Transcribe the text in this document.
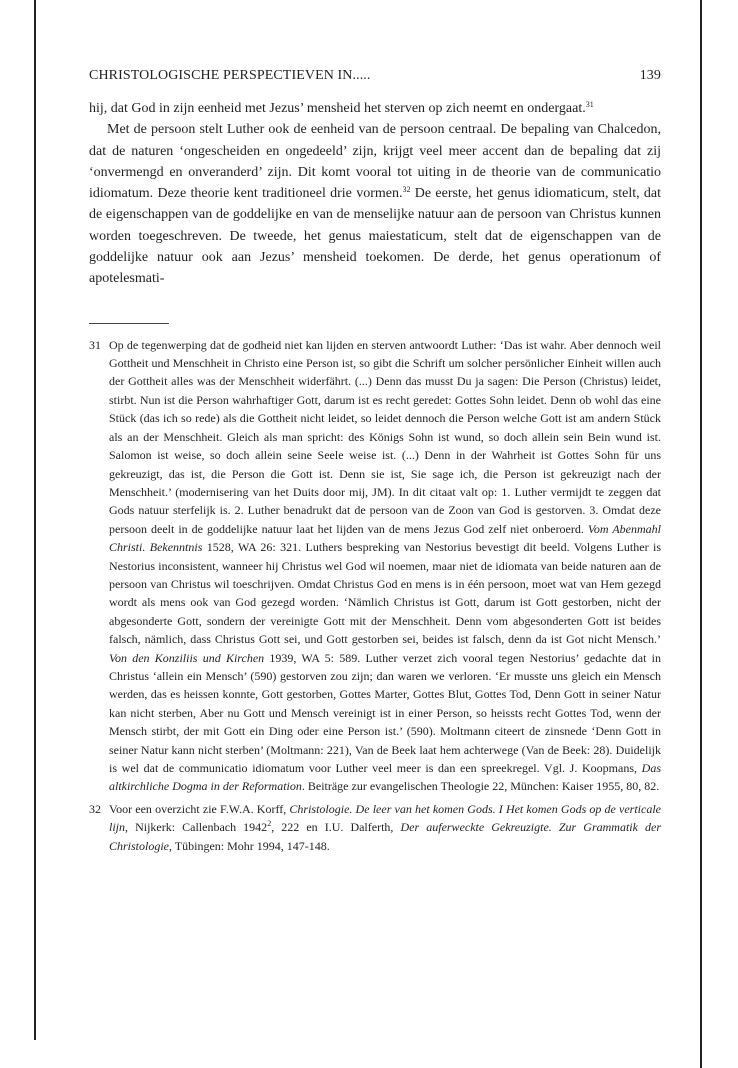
CHRISTOLOGISCHE PERSPECTIEVEN IN.....	139

hij, dat God in zijn eenheid met Jezus’ mensheid het sterven op zich neemt en ondergaat.$^{31}$

Met de persoon stelt Luther ook de eenheid van de persoon centraal. De bepaling van Chalcedon, dat de naturen ‘ongescheiden en ongedeeld’ zijn, krijgt veel meer accent dan de bepaling dat zij ‘onvermengd en onveranderd’ zijn. Dit komt vooral tot uiting in de theorie van de communicatio idiomatum. Deze theorie kent traditioneel drie vormen.$^{32}$ De eerste, het genus idiomaticum, stelt, dat de eigenschappen van de goddelijke en van de menselijke natuur aan de persoon van Christus kunnen worden toegeschreven. De tweede, het genus maiestaticum, stelt dat de eigenschappen van de goddelijke natuur ook aan Jezus’ mensheid toekomen. De derde, het genus operationum of apotelesmati-

31 Op de tegenwerping dat de godheid niet kan lijden en sterven antwoordt Luther: ‘Das ist wahr. Aber dennoch weil Gottheit und Menschheit in Christo eine Person ist, so gibt die Schrift um solcher persönlicher Einheit willen auch der Gottheit alles was der Menschheit widerfährt. (...) Denn das musst Du ja sagen: Die Person (Christus) leidet, stirbt. Nun ist die Person wahrhaftiger Gott, darum ist es recht geredet: Gottes Sohn leidet. Denn ob wohl das eine Stück (das ich so rede) als die Gottheit nicht leidet, so leidet dennoch die Person welche Gott ist am andern Stück als an der Menschheit. Gleich als man spricht: des Königs Sohn ist wund, so doch allein sein Bein wund ist. Salomon ist weise, so doch allein seine Seele weise ist. (...) Denn in der Wahrheit ist Gottes Sohn für uns gekreuzigt, das ist, die Person die Gott ist. Denn sie ist, Sie sage ich, die Person ist gekreuzigt nach der Menschheit.’ (modernisering van het Duits door mij, JM). In dit citaat valt op: 1. Luther vermijdt te zeggen dat Gods natuur sterfelijk is. 2. Luther benadrukt dat de persoon van de Zoon van God is gestorven. 3. Omdat deze persoon deelt in de goddelijke natuur laat het lijden van de mens Jezus God zelf niet onberoerd. Vom Abenmahl Christi. Bekenntnis 1528, WA 26: 321. Luthers bespreking van Nestorius bevestigt dit beeld. Volgens Luther is Nestorius inconsistent, wanneer hij Christus wel God wil noemen, maar niet de idiomata van beide naturen aan de persoon van Christus wil toeschrijven. Omdat Christus God en mens is in één persoon, moet wat van Hem gezegd wordt als mens ook van God gezegd worden. ‘Nämlich Christus ist Gott, darum ist Gott gestorben, nicht der abgesonderte Gott, sondern der vereinigte Gott mit der Menschheit. Denn vom abgesonderten Gott ist beides falsch, nämlich, dass Christus Gott sei, und Gott gestorben sei, beides ist falsch, denn da ist Got nicht Mensch.’ Von den Konziliis und Kirchen 1939, WA 5: 589. Luther verzet zich vooral tegen Nestorius’ gedachte dat in Christus ‘allein ein Mensch’ (590) gestorven zou zijn; dan waren we verloren. ‘Er musste uns gleich ein Mensch werden, das es heissen konnte, Gott gestorben, Gottes Marter, Gottes Blut, Gottes Tod, Denn Gott in seiner Natur kan nicht sterben, Aber nu Gott und Mensch vereinigt ist in einer Person, so heissts recht Gottes Tod, wenn der Mensch stirbt, der mit Gott ein Ding oder eine Person ist.’ (590). Moltmann citeert de zinsnede ‘Denn Gott in seiner Natur kann nicht sterben’ (Moltmann: 221), Van de Beek laat hem achterwege (Van de Beek: 28). Duidelijk is wel dat de communicatio idiomatum voor Luther veel meer is dan een spreekregel. Vgl. J. Koopmans, Das altkirchliche Dogma in der Reformation. Beiträge zur evangelischen Theologie 22, München: Kaiser 1955, 80, 82.

32 Voor een overzicht zie F.W.A. Korff, Christologie. De leer van het komen Gods. I Het komen Gods op de verticale lijn, Nijkerk: Callenbach 1942$^2$, 222 en I.U. Dalferth, Der auferweckte Gekreuzigte. Zur Grammatik der Christologie, Tübingen: Mohr 1994, 147-148.
